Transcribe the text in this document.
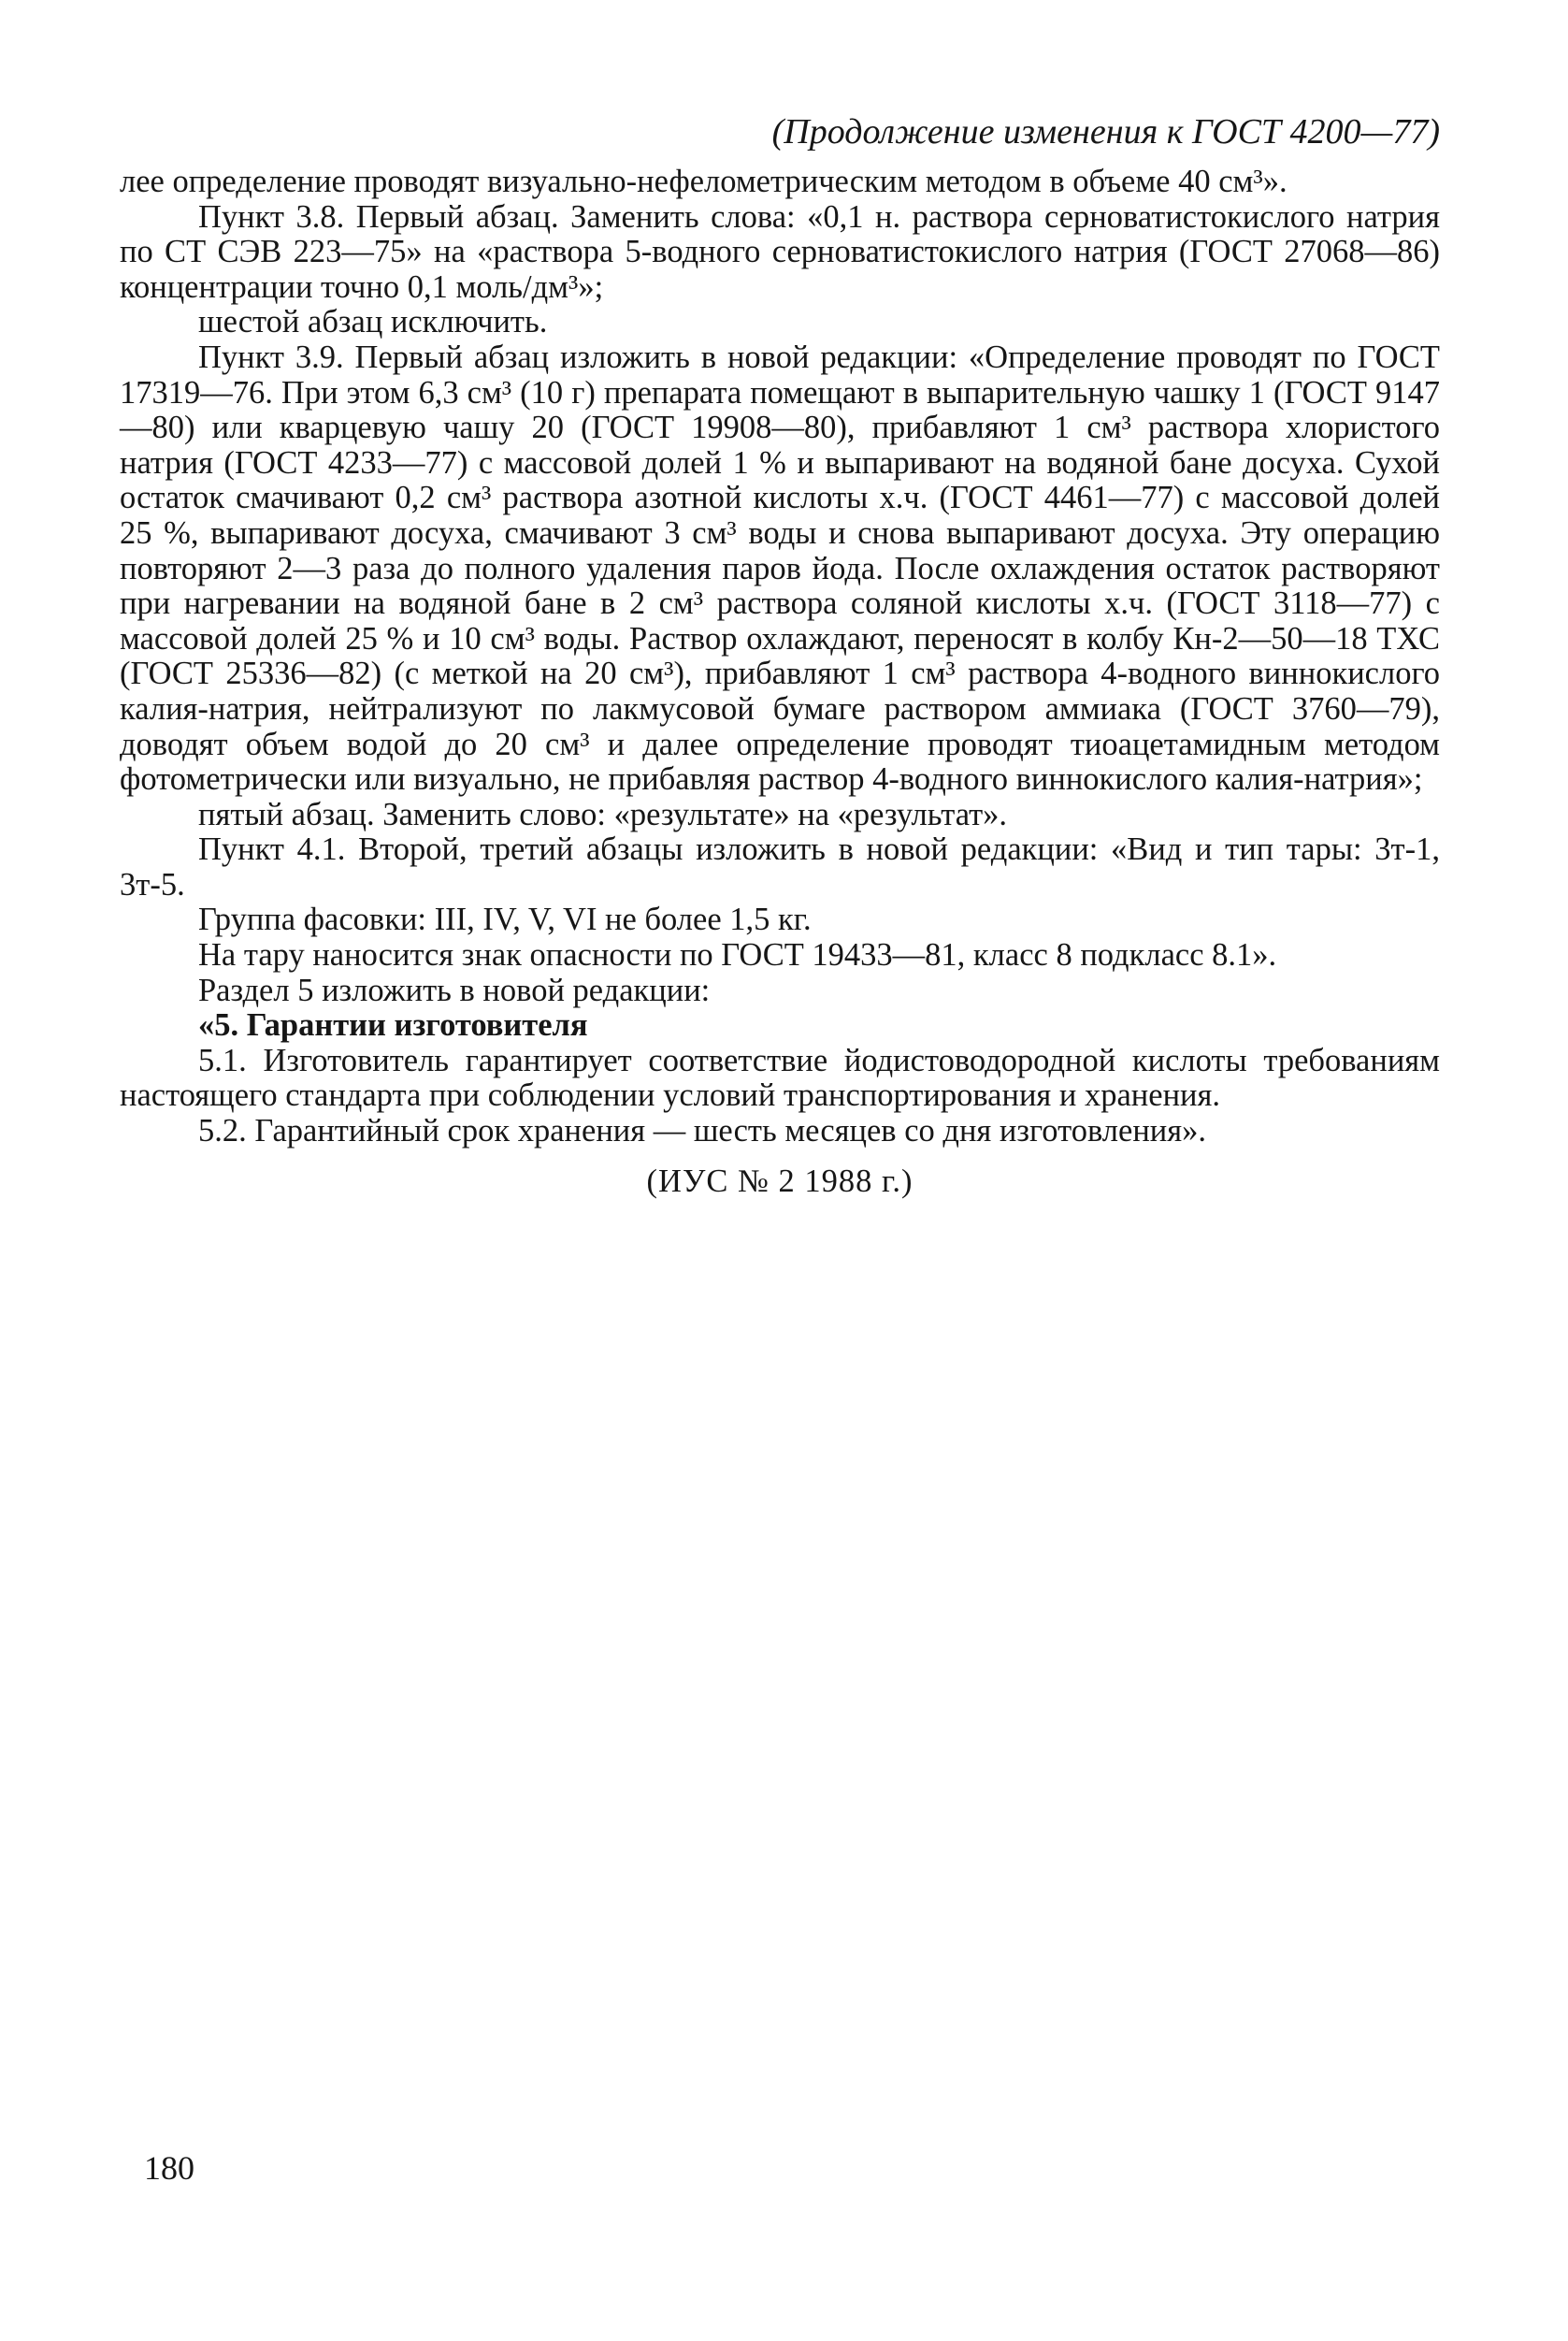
(Продолжение изменения к ГОСТ 4200—77)

лее определение проводят визуально-нефелометрическим методом в объеме 40 см³».

Пункт 3.8. Первый абзац. Заменить слова: «0,1 н. раствора серноватистокислого натрия по СТ СЭВ 223—75» на «раствора 5-водного серноватистокислого натрия (ГОСТ 27068—86) концентрации точно 0,1 моль/дм³»;

шестой абзац исключить.

Пункт 3.9. Первый абзац изложить в новой редакции: «Определение проводят по ГОСТ 17319—76. При этом 6,3 см³ (10 г) препарата помещают в выпарительную чашку 1 (ГОСТ 9147—80) или кварцевую чашу 20 (ГОСТ 19908—80), прибавляют 1 см³ раствора хлористого натрия (ГОСТ 4233—77) с массовой долей 1 % и выпаривают на водяной бане досуха. Сухой остаток смачивают 0,2 см³ раствора азотной кислоты х.ч. (ГОСТ 4461—77) с массовой долей 25 %, выпаривают досуха, смачивают 3 см³ воды и снова выпаривают досуха. Эту операцию повторяют 2—3 раза до полного удаления паров йода. После охлаждения остаток растворяют при нагревании на водяной бане в 2 см³ раствора соляной кислоты х.ч. (ГОСТ 3118—77) с массовой долей 25 % и 10 см³ воды. Раствор охлаждают, переносят в колбу Кн-2—50—18 ТХС (ГОСТ 25336—82) (с меткой на 20 см³), прибавляют 1 см³ раствора 4-водного виннокислого калия-натрия, нейтрализуют по лакмусовой бумаге раствором аммиака (ГОСТ 3760—79), доводят объем водой до 20 см³ и далее определение проводят тиоацетамидным методом фотометрически или визуально, не прибавляя раствор 4-водного виннокислого калия-натрия»;

пятый абзац. Заменить слово: «результате» на «результат».

Пункт 4.1. Второй, третий абзацы изложить в новой редакции: «Вид и тип тары: 3т-1, 3т-5.

Группа фасовки: III, IV, V, VI не более 1,5 кг.

На тару наносится знак опасности по ГОСТ 19433—81, класс 8 подкласс 8.1».

Раздел 5 изложить в новой редакции:

«5. Гарантии изготовителя

5.1. Изготовитель гарантирует соответствие йодистоводородной кислоты требованиям настоящего стандарта при соблюдении условий транспортирования и хранения.

5.2. Гарантийный срок хранения — шесть месяцев со дня изготовления».

(ИУС № 2 1988 г.)

180
